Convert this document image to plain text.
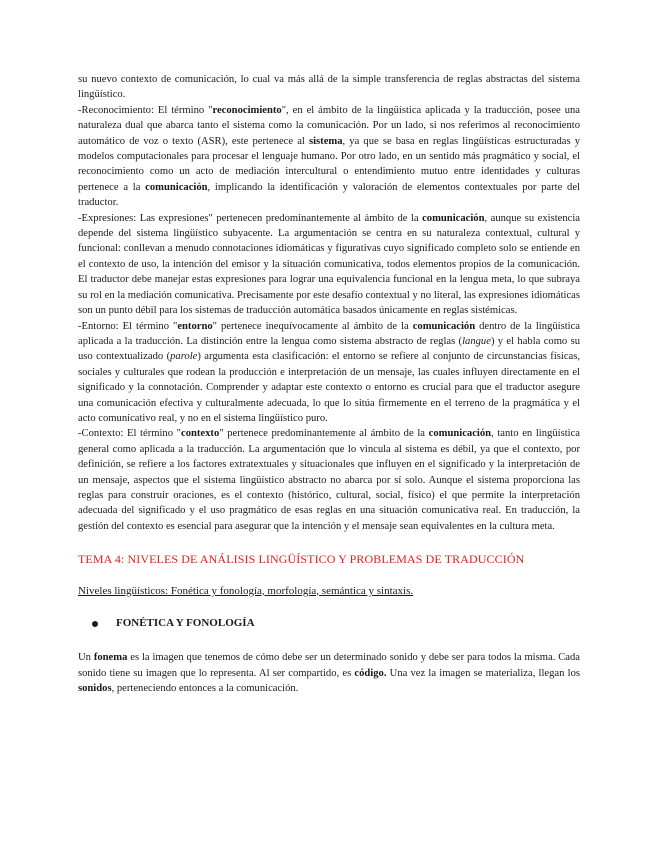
su nuevo contexto de comunicación, lo cual va más allá de la simple transferencia de reglas abstractas del sistema lingüístico.

-Reconocimiento: El término "reconocimiento", en el ámbito de la lingüística aplicada y la traducción, posee una naturaleza dual que abarca tanto el sistema como la comunicación. Por un lado, si nos referimos al reconocimiento automático de voz o texto (ASR), este pertenece al sistema, ya que se basa en reglas lingüísticas estructuradas y modelos computacionales para procesar el lenguaje humano. Por otro lado, en un sentido más pragmático y social, el reconocimiento como un acto de mediación intercultural o entendimiento mutuo entre identidades y culturas pertenece a la comunicación, implicando la identificación y valoración de elementos contextuales por parte del traductor.

-Expresiones: Las expresiones" pertenecen predominantemente al ámbito de la comunicación, aunque su existencia depende del sistema lingüístico subyacente. La argumentación se centra en su naturaleza contextual, cultural y funcional: conllevan a menudo connotaciones idiomáticas y figurativas cuyo significado completo solo se entiende en el contexto de uso, la intención del emisor y la situación comunicativa, todos elementos propios de la comunicación. El traductor debe manejar estas expresiones para lograr una equivalencia funcional en la lengua meta, lo que subraya su rol en la mediación comunicativa. Precisamente por este desafío contextual y no literal, las expresiones idiomáticas son un punto débil para los sistemas de traducción automática basados únicamente en reglas sistémicas.

-Entorno: El término "entorno" pertenece inequívocamente al ámbito de la comunicación dentro de la lingüística aplicada a la traducción. La distinción entre la lengua como sistema abstracto de reglas (langue) y el habla como su uso contextualizado (parole) argumenta esta clasificación: el entorno se refiere al conjunto de circunstancias físicas, sociales y culturales que rodean la producción e interpretación de un mensaje, las cuales influyen directamente en el significado y la connotación. Comprender y adaptar este contexto o entorno es crucial para que el traductor asegure una comunicación efectiva y culturalmente adecuada, lo que lo sitúa firmemente en el terreno de la pragmática y el acto comunicativo real, y no en el sistema lingüístico puro.

-Contexto: El término "contexto" pertenece predominantemente al ámbito de la comunicación, tanto en lingüística general como aplicada a la traducción. La argumentación que lo vincula al sistema es débil, ya que el contexto, por definición, se refiere a los factores extratextuales y situacionales que influyen en el significado y la interpretación de un mensaje, aspectos que el sistema lingüístico abstracto no abarca por sí solo. Aunque el sistema proporciona las reglas para construir oraciones, es el contexto (histórico, cultural, social, físico) el que permite la interpretación adecuada del significado y el uso pragmático de esas reglas en una situación comunicativa real. En traducción, la gestión del contexto es esencial para asegurar que la intención y el mensaje sean equivalentes en la cultura meta.

TEMA 4: NIVELES DE ANÁLISIS LINGÜÍSTICO Y PROBLEMAS DE TRADUCCIÓN
Niveles lingüísticos: Fonética y fonología, morfología, semántica y sintaxis.
FONÉTICA Y FONOLOGÍA

Un fonema es la imagen que tenemos de cómo debe ser un determinado sonido y debe ser para todos la misma. Cada sonido tiene su imagen que lo representa. Al ser compartido, es código. Una vez la imagen se materializa, llegan los sonidos, perteneciendo entonces a la comunicación.
